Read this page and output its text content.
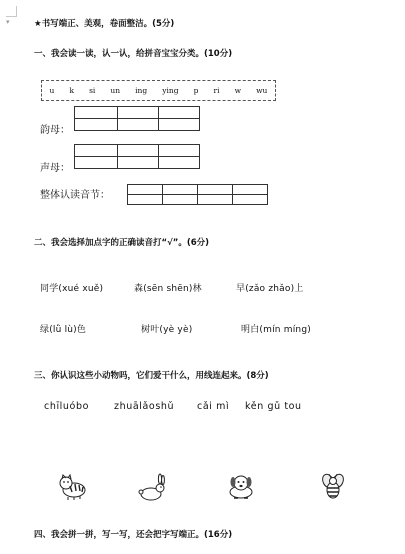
▾	★书写端正、美观，卷面整洁。(5分)
一、我会读一读，认一认，给拼音宝宝分类。(10分)
u k si un ing ying p ri w wu
韵母：

声母：

整体认读音节：

二、我会选择加点字的正确读音打“√”。(6分)
同学(xué xuě)	森(sēn shēn)林	早(zǎo zhǎo)上
绿(lǜ lù)色	树叶(yè yè)	明白(mín míng)
三、你认识这些小动物吗，它们爱干什么，用线连起来。(8分)
chīluóbo	zhuālǎoshǔ cǎi mì kěn gǔ tou
四、我会拼一拼，写一写，还会把字写端正。(16分)
